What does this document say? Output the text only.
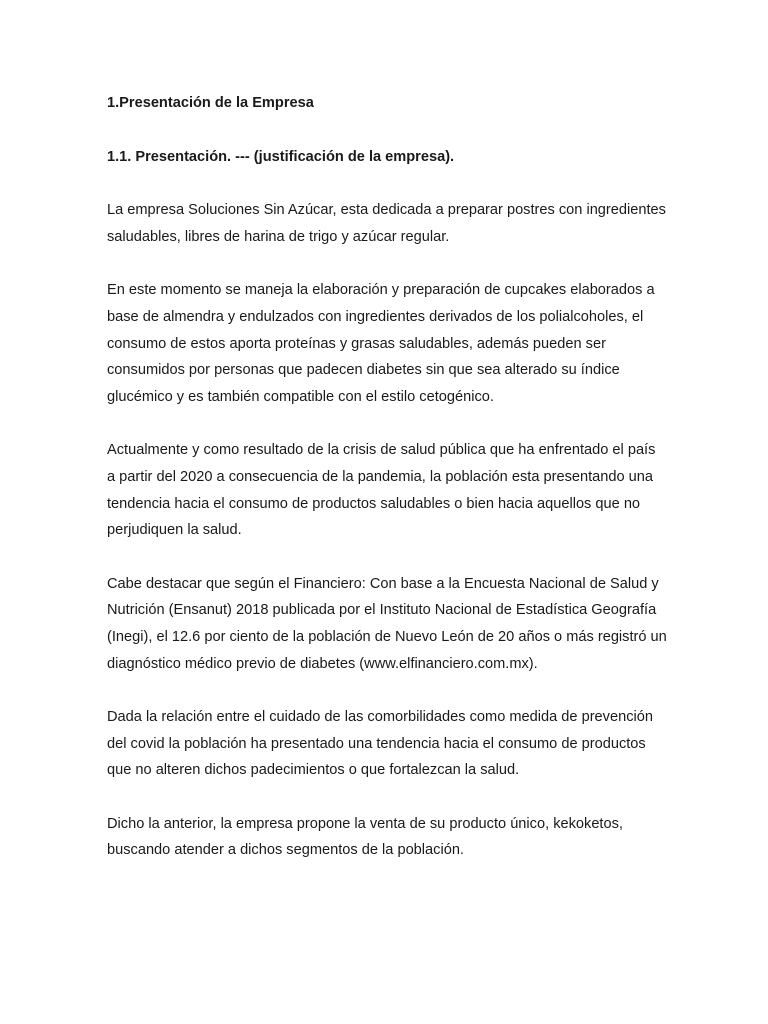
1.Presentación de la Empresa

1.1. Presentación. --- (justificación de la empresa).

La empresa Soluciones Sin Azúcar, esta dedicada a preparar postres con ingredientes saludables, libres de harina de trigo y azúcar regular.

En este momento se maneja la elaboración y preparación de cupcakes elaborados a base de almendra y endulzados con ingredientes derivados de los polialcoholes, el consumo de estos aporta proteínas y grasas saludables, además pueden ser consumidos por personas que padecen diabetes sin que sea alterado su índice glucémico y es también compatible con el estilo cetogénico.

Actualmente y como resultado de la crisis de salud pública que ha enfrentado el país a partir del 2020 a consecuencia de la pandemia, la población esta presentando una tendencia hacia el consumo de productos saludables o bien hacia aquellos que no perjudiquen la salud.

Cabe destacar que según el Financiero: Con base a la Encuesta Nacional de Salud y Nutrición (Ensanut) 2018 publicada por el Instituto Nacional de Estadística Geografía (Inegi), el 12.6 por ciento de la población de Nuevo León de 20 años o más registró un diagnóstico médico previo de diabetes (www.elfinanciero.com.mx).

Dada la relación entre el cuidado de las comorbilidades como medida de prevención del covid la población ha presentado una tendencia hacia el consumo de productos que no alteren dichos padecimientos o que fortalezcan la salud.

Dicho la anterior, la empresa propone la venta de su producto único, kekoketos, buscando atender a dichos segmentos de la población.
